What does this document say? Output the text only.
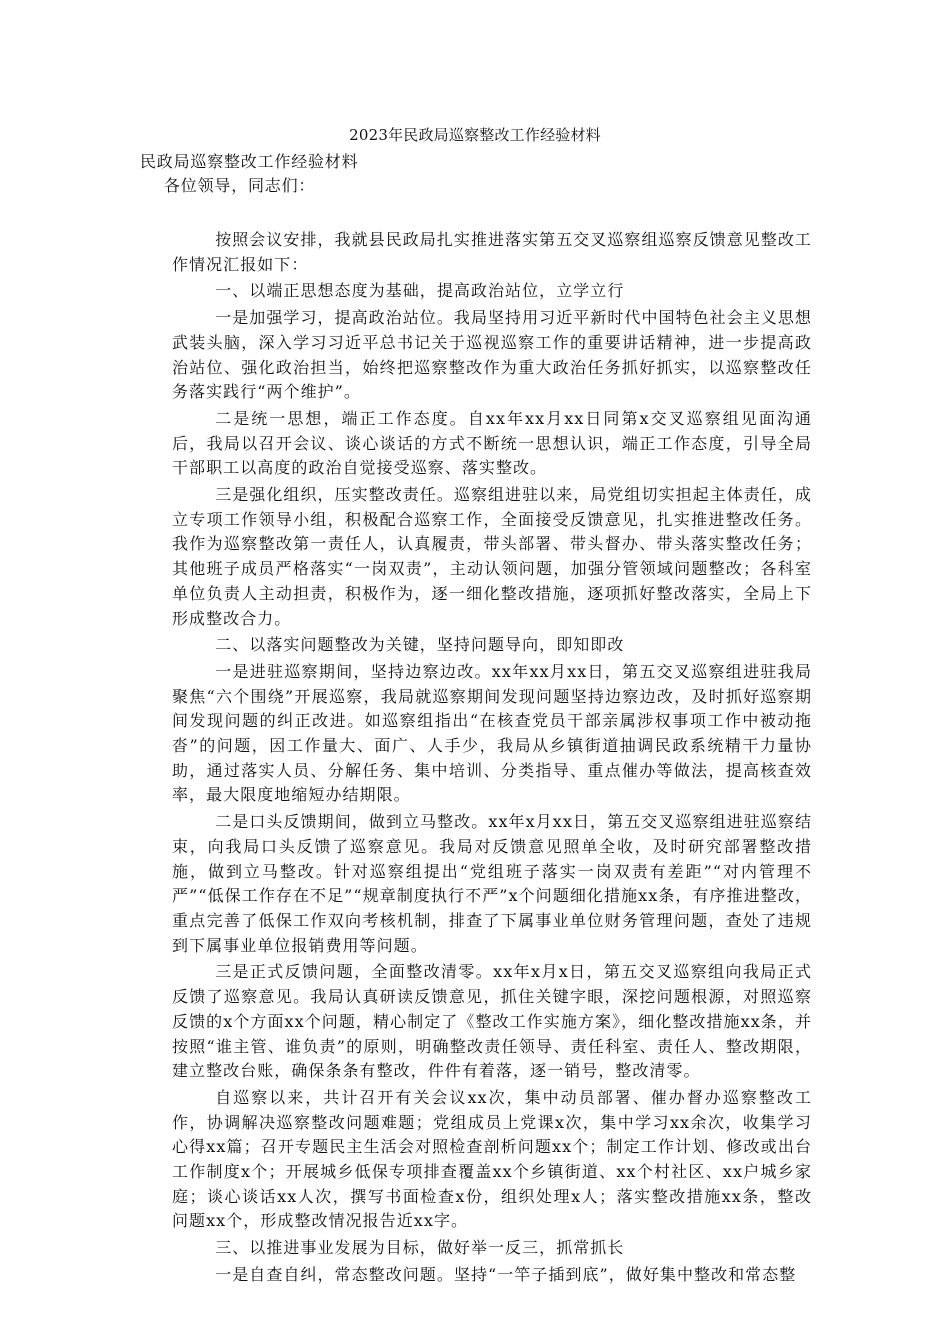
2023年民政局巡察整改工作经验材料
民政局巡察整改工作经验材料
各位领导，同志们：

按照会议安排，我就县民政局扎实推进落实第五交叉巡察组巡察反馈意见整改工作情况汇报如下：

一、以端正思想态度为基础，提高政治站位，立学立行

一是加强学习，提高政治站位。我局坚持用习近平新时代中国特色社会主义思想武装头脑，深入学习习近平总书记关于巡视巡察工作的重要讲话精神，进一步提高政治站位、强化政治担当，始终把巡察整改作为重大政治任务抓好抓实，以巡察整改任务落实践行“两个维护”。

二是统一思想，端正工作态度。自xx年xx月xx日同第x交叉巡察组见面沟通后，我局以召开会议、谈心谈话的方式不断统一思想认识，端正工作态度，引导全局干部职工以高度的政治自觉接受巡察、落实整改。

三是强化组织，压实整改责任。巡察组进驻以来，局党组切实担起主体责任，成立专项工作领导小组，积极配合巡察工作，全面接受反馈意见，扎实推进整改任务。我作为巡察整改第一责任人，认真履责，带头部署、带头督办、带头落实整改任务；其他班子成员严格落实“一岗双责”，主动认领问题，加强分管领域问题整改；各科室单位负责人主动担责，积极作为，逐一细化整改措施，逐项抓好整改落实，全局上下形成整改合力。

二、以落实问题整改为关键，坚持问题导向，即知即改

一是进驻巡察期间，坚持边察边改。xx年xx月xx日，第五交叉巡察组进驻我局聚焦“六个围绕”开展巡察，我局就巡察期间发现问题坚持边察边改，及时抓好巡察期间发现问题的纠正改进。如巡察组指出“在核查党员干部亲属涉权事项工作中被动拖沓”的问题，因工作量大、面广、人手少，我局从乡镇街道抽调民政系统精干力量协助，通过落实人员、分解任务、集中培训、分类指导、重点催办等做法，提高核查效率，最大限度地缩短办结期限。

二是口头反馈期间，做到立马整改。xx年x月xx日，第五交叉巡察组进驻巡察结束，向我局口头反馈了巡察意见。我局对反馈意见照单全收，及时研究部署整改措施，做到立马整改。针对巡察组提出“党组班子落实一岗双责有差距”“对内管理不严”“低保工作存在不足”“规章制度执行不严”x个问题细化措施xx条，有序推进整改，重点完善了低保工作双向考核机制，排查了下属事业单位财务管理问题，查处了违规到下属事业单位报销费用等问题。

三是正式反馈问题，全面整改清零。xx年x月x日，第五交叉巡察组向我局正式反馈了巡察意见。我局认真研读反馈意见，抓住关键字眼，深挖问题根源，对照巡察反馈的x个方面xx个问题，精心制定了《整改工作实施方案》，细化整改措施xx条，并按照“谁主管、谁负责”的原则，明确整改责任领导、责任科室、责任人、整改期限，建立整改台账，确保条条有整改，件件有着落，逐一销号，整改清零。

自巡察以来，共计召开有关会议xx次，集中动员部署、催办督办巡察整改工作，协调解决巡察整改问题难题；党组成员上党课x次，集中学习xx余次，收集学习心得xx篇；召开专题民主生活会对照检查剖析问题xx个；制定工作计划、修改或出台工作制度x个；开展城乡低保专项排查覆盖xx个乡镇街道、xx个村社区、xx户城乡家庭；谈心谈话xx人次，撰写书面检查x份，组织处理x人；落实整改措施xx条，整改问题xx个，形成整改情况报告近xx字。

三、以推进事业发展为目标，做好举一反三，抓常抓长

一是自查自纠，常态整改问题。坚持“一竿子插到底”，做好集中整改和常态整
